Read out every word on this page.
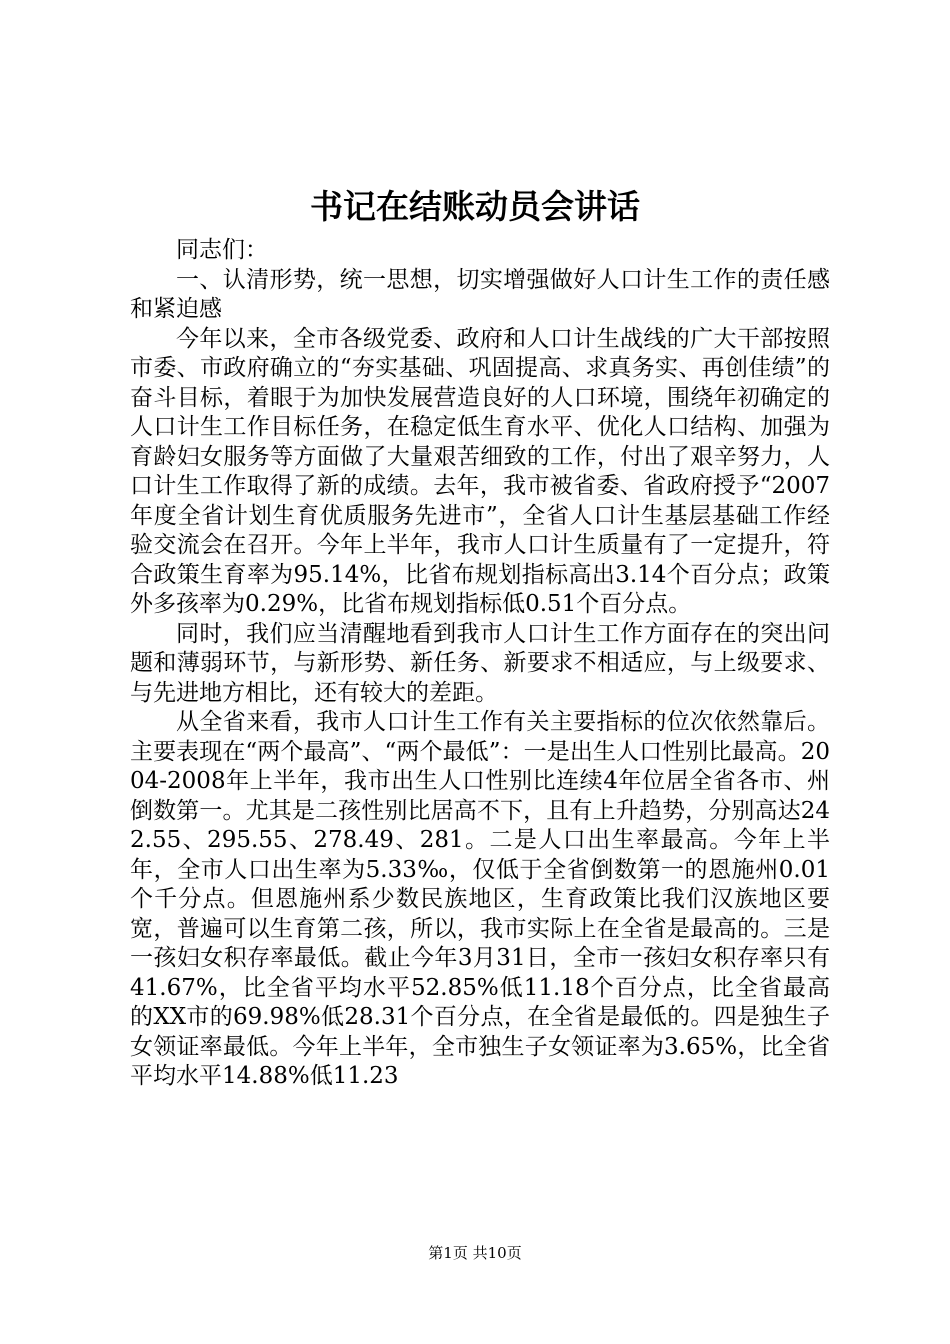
书记在结账动员会讲话

同志们：

一、认清形势，统一思想，切实增强做好人口计生工作的责任感和紧迫感

今年以来，全市各级党委、政府和人口计生战线的广大干部按照市委、市政府确立的“夯实基础、巩固提高、求真务实、再创佳绩”的奋斗目标，着眼于为加快发展营造良好的人口环境，围绕年初确定的人口计生工作目标任务，在稳定低生育水平、优化人口结构、加强为育龄妇女服务等方面做了大量艰苦细致的工作，付出了艰辛努力，人口计生工作取得了新的成绩。去年，我市被省委、省政府授予“2007年度全省计划生育优质服务先进市”，全省人口计生基层基础工作经验交流会在召开。今年上半年，我市人口计生质量有了一定提升，符合政策生育率为95.14%，比省布规划指标高出3.14个百分点；政策外多孩率为0.29%，比省布规划指标低0.51个百分点。

同时，我们应当清醒地看到我市人口计生工作方面存在的突出问题和薄弱环节，与新形势、新任务、新要求不相适应，与上级要求、与先进地方相比，还有较大的差距。

从全省来看，我市人口计生工作有关主要指标的位次依然靠后。主要表现在“两个最高”、“两个最低”：一是出生人口性别比最高。2004-2008年上半年，我市出生人口性别比连续4年位居全省各市、州倒数第一。尤其是二孩性别比居高不下，且有上升趋势，分别高达242.55、295.55、278.49、281。二是人口出生率最高。今年上半年，全市人口出生率为5.33‰，仅低于全省倒数第一的恩施州0.01个千分点。但恩施州系少数民族地区，生育政策比我们汉族地区要宽，普遍可以生育第二孩，所以，我市实际上在全省是最高的。三是一孩妇女积存率最低。截止今年3月31日，全市一孩妇女积存率只有41.67%，比全省平均水平52.85%低11.18个百分点，比全省最高的XX市的69.98%低28.31个百分点，在全省是最低的。四是独生子女领证率最低。今年上半年，全市独生子女领证率为3.65%，比全省平均水平14.88%低11.23

第1页 共10页
